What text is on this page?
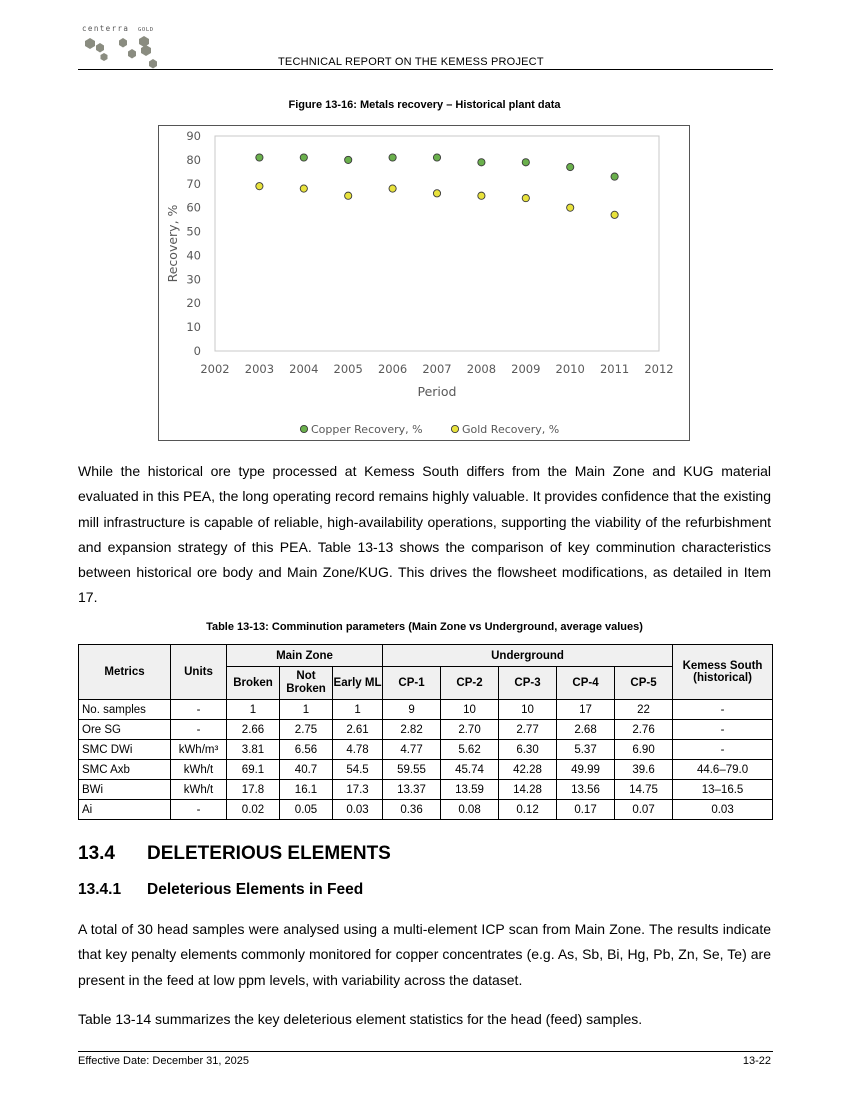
centerra GOLD
TECHNICAL REPORT ON THE KEMESS PROJECT
Figure 13-16: Metals recovery – Historical plant data
0
10
20
30
40
50
60
70
80
90
2002 2003 2004 2005 2006 2007 2008 2009 2010 2011 2012
Period
Recovery, %
Copper Recovery, %	Gold Recovery, %
While the historical ore type processed at Kemess South differs from the Main Zone and KUG material evaluated in this PEA, the long operating record remains highly valuable. It provides confidence that the existing mill infrastructure is capable of reliable, high-availability operations, supporting the viability of the refurbishment and expansion strategy of this PEA. Table 13-13 shows the comparison of key comminution characteristics between historical ore body and Main Zone/KUG. This drives the flowsheet modifications, as detailed in Item 17.
Table 13-13: Comminution parameters (Main Zone vs Underground, average values)
Metrics	Units	Main Zone			Underground					Kemess South (historical)
		Broken	Not Broken	Early ML	CP-1	CP-2	CP-3	CP-4	CP-5	
No. samples	-	1	1	1	9	10	10	17	22	-
Ore SG	-	2.66	2.75	2.61	2.82	2.70	2.77	2.68	2.76	-
SMC DWi	kWh/m³	3.81	6.56	4.78	4.77	5.62	6.30	5.37	6.90	-
SMC Axb	kWh/t	69.1	40.7	54.5	59.55	45.74	42.28	49.99	39.6	44.6–79.0
BWi	kWh/t	17.8	16.1	17.3	13.37	13.59	14.28	13.56	14.75	13–16.5
Ai	-	0.02	0.05	0.03	0.36	0.08	0.12	0.17	0.07	0.03
13.4 DELETERIOUS ELEMENTS
13.4.1 Deleterious Elements in Feed
A total of 30 head samples were analysed using a multi-element ICP scan from Main Zone. The results indicate that key penalty elements commonly monitored for copper concentrates (e.g. As, Sb, Bi, Hg, Pb, Zn, Se, Te) are present in the feed at low ppm levels, with variability across the dataset.
Table 13-14 summarizes the key deleterious element statistics for the head (feed) samples.
Effective Date: December 31, 2025	13-22
